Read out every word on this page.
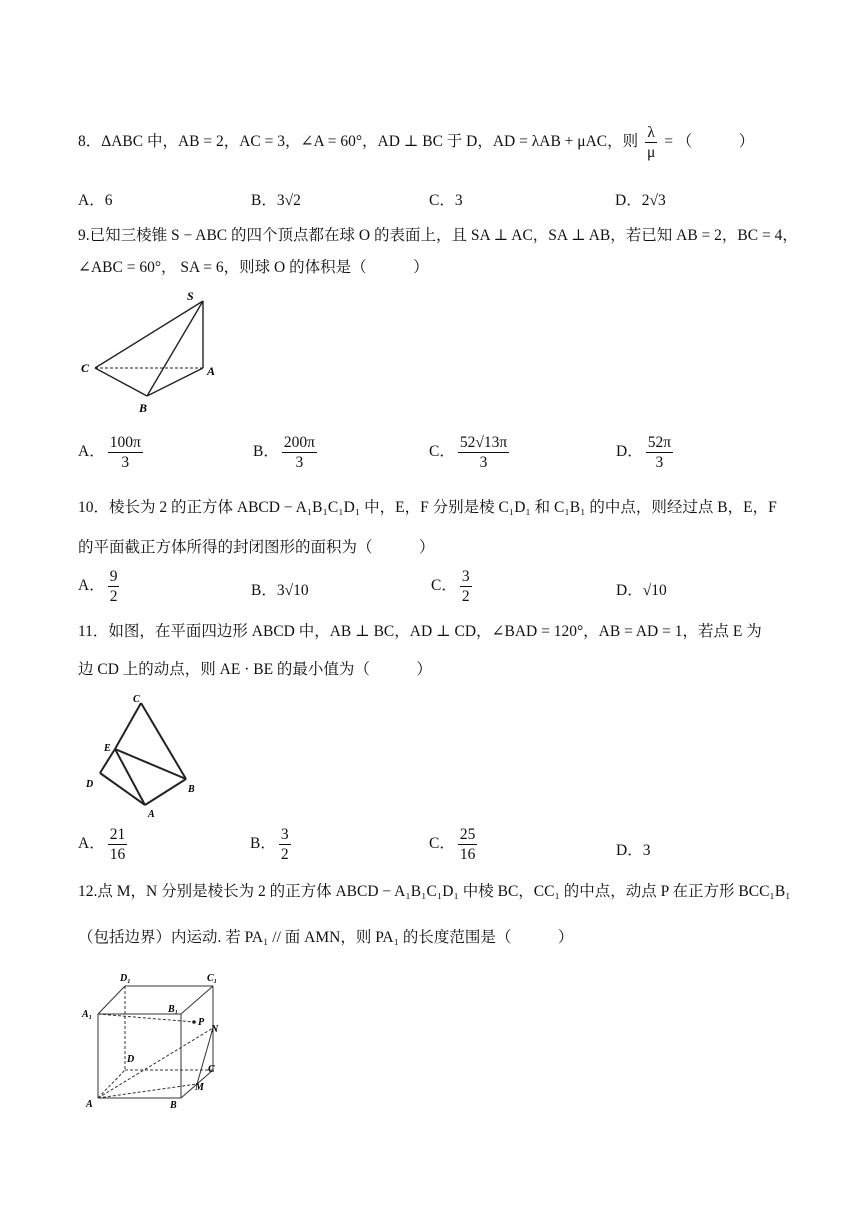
8．ΔABC 中，AB = 2，AC = 3，∠A = 60°，AD ⊥ BC 于 D，AD = λAB + μAC，则 $\frac{\lambda}{\mu}$ = （　　　）
A．6	B．3√2	C．3	D．2√3
9.已知三棱锥 S − ABC 的四个顶点都在球 O 的表面上，且 SA ⊥ AC，SA ⊥ AB，若已知 AB = 2，BC = 4，
∠ABC = 60°， SA = 6，则球 O 的体积是（　　　）
S
C	A
B
A． $\frac{100\pi}{3}$	B． $\frac{200\pi}{3}$	C． $\frac{52√13\pi}{3}$	D． $\frac{52\pi}{3}$
10．棱长为 2 的正方体 ABCD − A₁B₁C₁D₁ 中，E，F 分别是棱 C₁D₁ 和 C₁B₁ 的中点，则经过点 B，E，F
的平面截正方体所得的封闭图形的面积为（　　　）
A． $\frac{9}{2}$	B．3√10	C． $\frac{3}{2}$	D．√10
11．如图，在平面四边形 ABCD 中，AB ⊥ BC，AD ⊥ CD，∠BAD = 120°，AB = AD = 1，若点 E 为
边 CD 上的动点，则 AE · BE 的最小值为（　　　）
C
E
D	B
A
A． $\frac{21}{16}$	B． $\frac{3}{2}$	C． $\frac{25}{16}$	D．3
12.点 M，N 分别是棱长为 2 的正方体 ABCD − A₁B₁C₁D₁ 中棱 BC，CC₁ 的中点，动点 P 在正方形 BCC₁B₁
（包括边界）内运动. 若 PA₁ // 面 AMN，则 PA₁ 的长度范围是（　　　）
D₁	C₁
A₁	B₁
P
N
D
C
M
A	B
